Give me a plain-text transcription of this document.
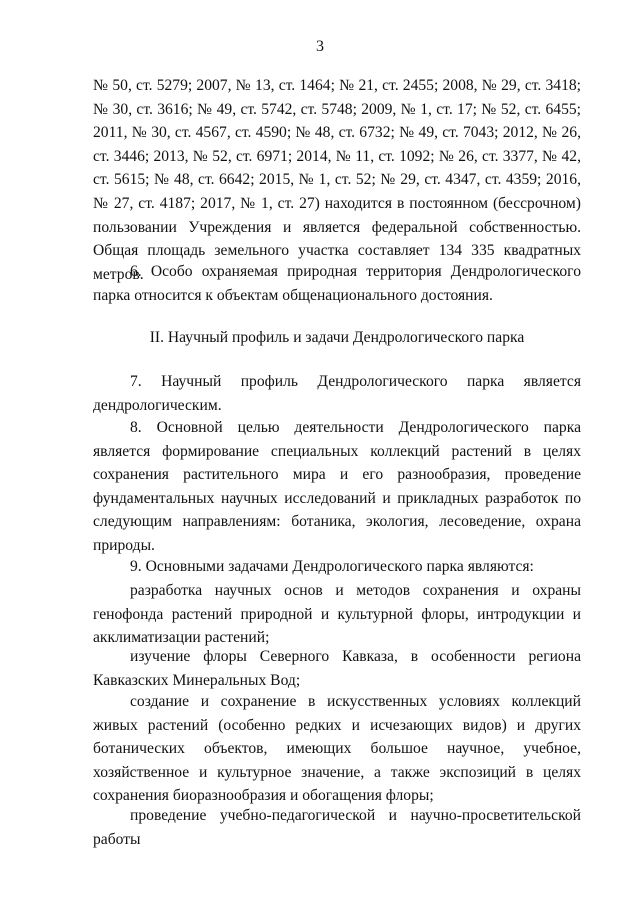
3

№ 50, ст. 5279; 2007, № 13, ст. 1464; № 21, ст. 2455; 2008, № 29, ст. 3418; № 30, ст. 3616; № 49, ст. 5742, ст. 5748; 2009, № 1, ст. 17; № 52, ст. 6455; 2011, № 30, ст. 4567, ст. 4590; № 48, ст. 6732; № 49, ст. 7043; 2012, № 26, ст. 3446; 2013, № 52, ст. 6971; 2014, № 11, ст. 1092; № 26, ст. 3377, № 42, ст. 5615; № 48, ст. 6642; 2015, № 1, ст. 52; № 29, ст. 4347, ст. 4359; 2016, № 27, ст. 4187; 2017, № 1, ст. 27) находится в постоянном (бессрочном) пользовании Учреждения и является федеральной собственностью. Общая площадь земельного участка составляет 134 335 квадратных метров.

6. Особо охраняемая природная территория Дендрологического парка относится к объектам общенационального достояния.

II. Научный профиль и задачи Дендрологического парка

7. Научный профиль Дендрологического парка является дендрологическим.

8. Основной целью деятельности Дендрологического парка является формирование специальных коллекций растений в целях сохранения растительного мира и его разнообразия, проведение фундаментальных научных исследований и прикладных разработок по следующим направлениям: ботаника, экология, лесоведение, охрана природы.

9. Основными задачами Дендрологического парка являются:

разработка научных основ и методов сохранения и охраны генофонда растений природной и культурной флоры, интродукции и акклиматизации растений;

изучение флоры Северного Кавказа, в особенности региона Кавказских Минеральных Вод;

создание и сохранение в искусственных условиях коллекций живых растений (особенно редких и исчезающих видов) и других ботанических объектов, имеющих большое научное, учебное, хозяйственное и культурное значение, а также экспозиций в целях сохранения биоразнообразия и обогащения флоры;

проведение учебно-педагогической и научно-просветительской работы
